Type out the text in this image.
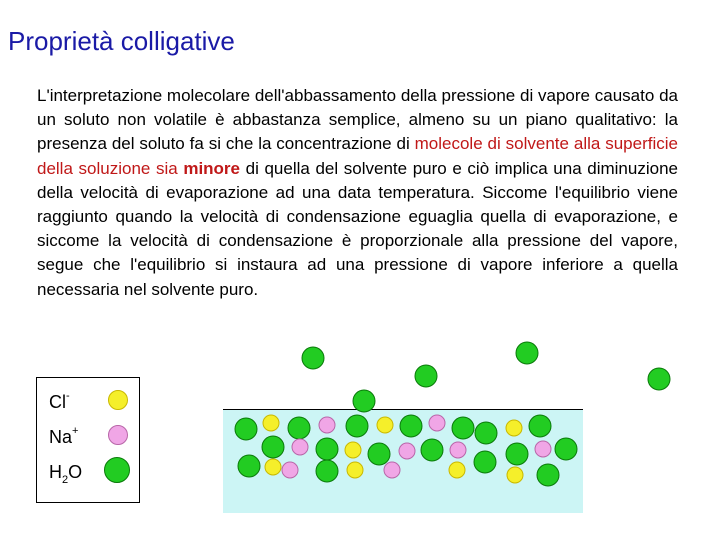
Proprietà colligative
L'interpretazione molecolare dell'abbassamento della pressione di vapore causato da un soluto non volatile è abbastanza semplice, almeno su un piano qualitativo: la presenza del soluto fa si che la concentrazione di molecole di solvente alla superficie della soluzione sia minore di quella del solvente puro e ciò implica una diminuzione della velocità di evaporazione ad una data temperatura. Siccome l'equilibrio viene raggiunto quando la velocità di condensazione eguaglia quella di evaporazione, e siccome la velocità di condensazione è proporzionale alla pressione del vapore, segue che l'equilibrio si instaura ad una pressione di vapore inferiore a quella necessaria nel solvente puro.
Cl-
Na+
$H_2O$
